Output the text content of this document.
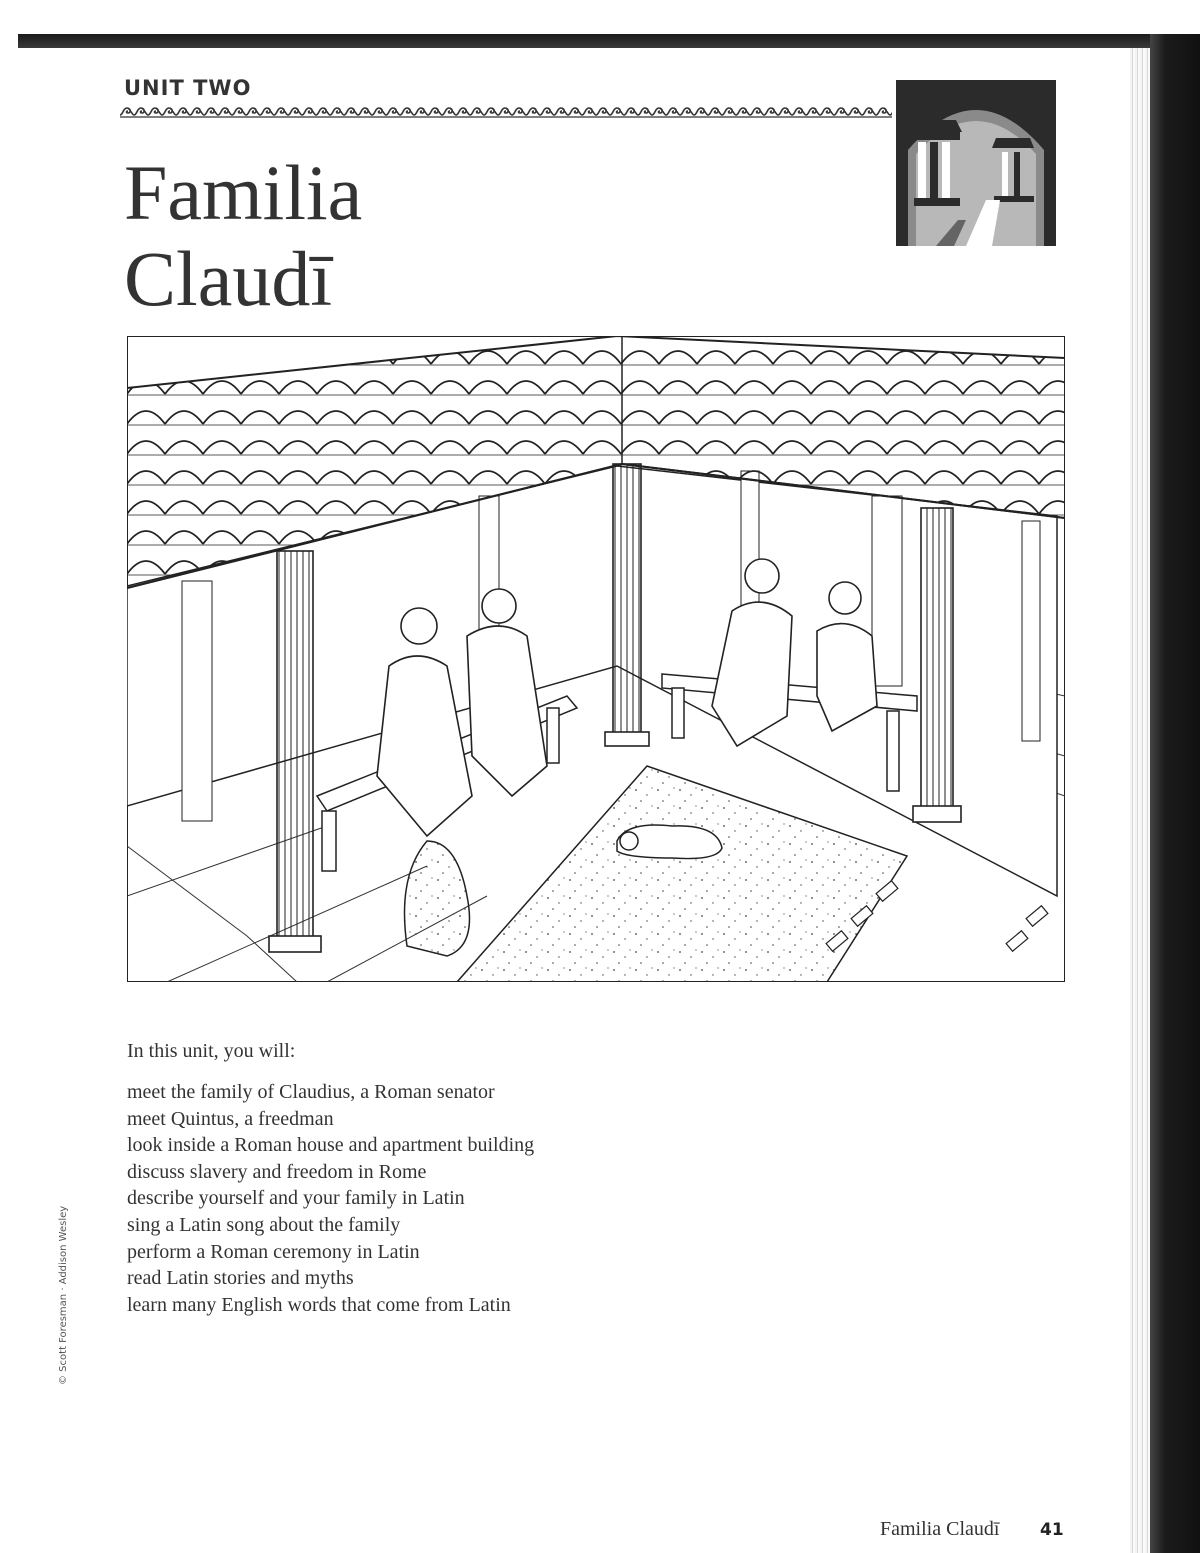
UNIT TWO
Familia
Claudī
In this unit, you will:
meet the family of Claudius, a Roman senator
meet Quintus, a freedman
look inside a Roman house and apartment building
discuss slavery and freedom in Rome
describe yourself and your family in Latin
sing a Latin song about the family
perform a Roman ceremony in Latin
read Latin stories and myths
learn many English words that come from Latin
© Scott Foresman · Addison Wesley
Familia Claudī 41
